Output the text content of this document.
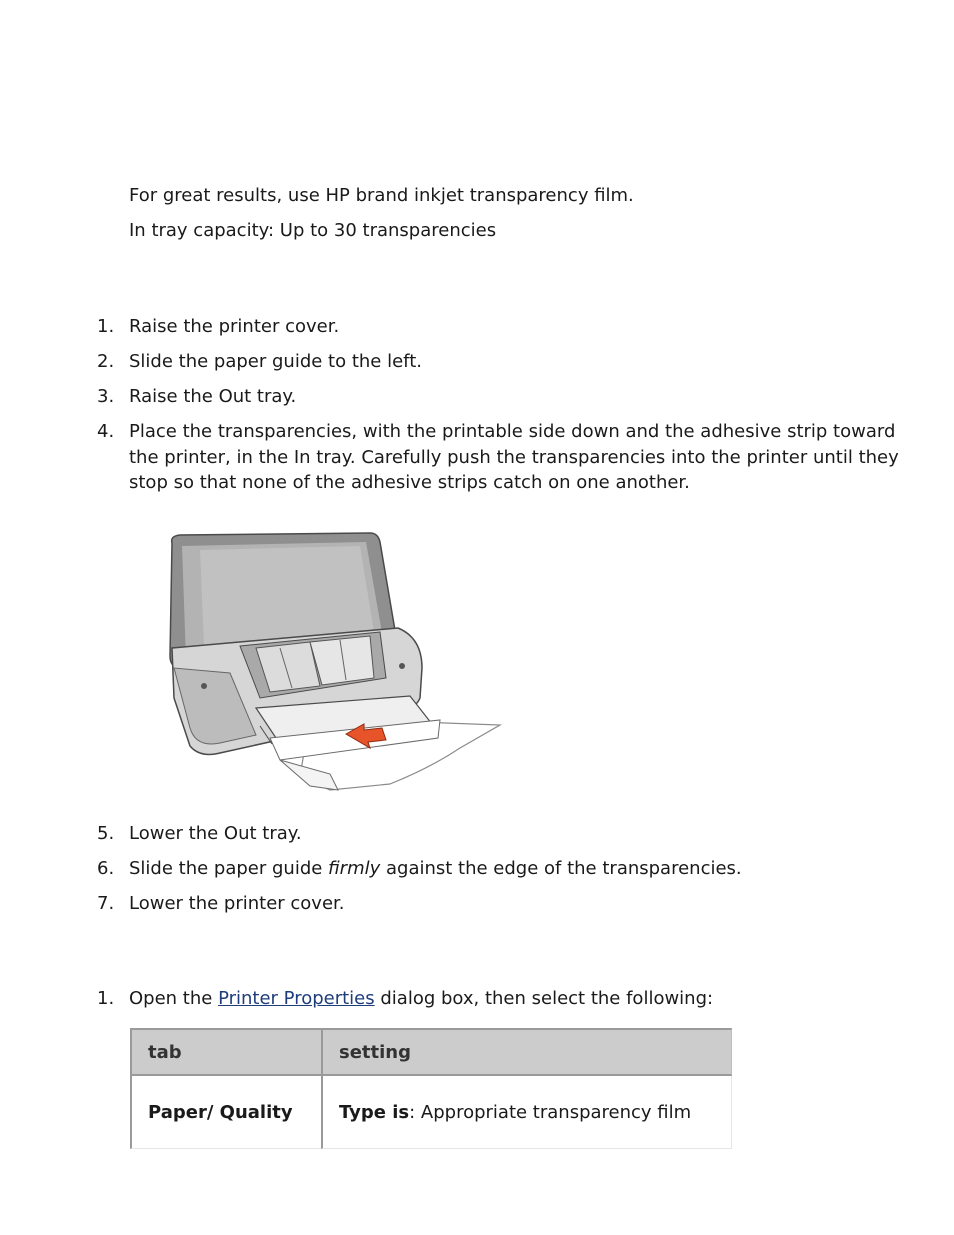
For great results, use HP brand inkjet transparency film.
In tray capacity: Up to 30 transparencies
1. Raise the printer cover.
2. Slide the paper guide to the left.
3. Raise the Out tray.
4. Place the transparencies, with the printable side down and the adhesive strip toward the printer, in the In tray. Carefully push the transparencies into the printer until they stop so that none of the adhesive strips catch on one another.
5. Lower the Out tray.
6. Slide the paper guide firmly against the edge of the transparencies.
7. Lower the printer cover.
1. Open the Printer Properties dialog box, then select the following:
tab	setting
Paper/ Quality	Type is: Appropriate transparency film
